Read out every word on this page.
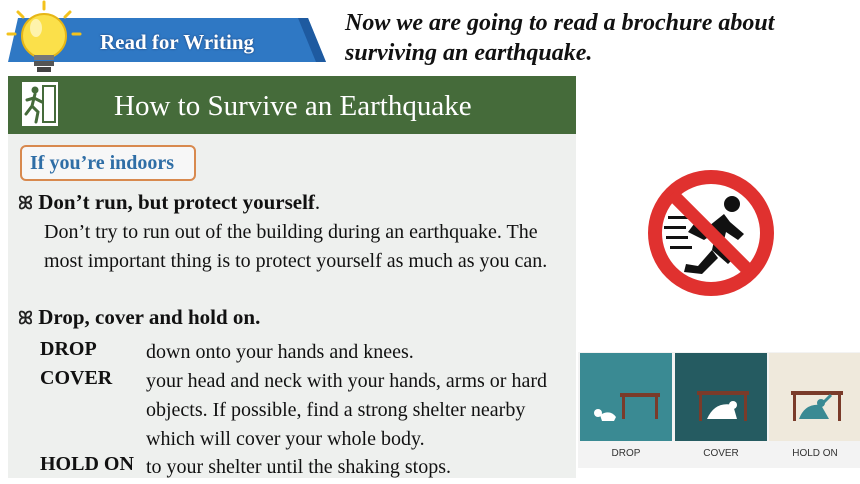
Read for Writing
Now we are going to read a brochure about surviving an earthquake.
How to Survive an Earthquake
If you’re indoors
ꕤ Don’t run, but protect yourself.
Don’t try to run out of the building during an earthquake. The most important thing is to protect yourself as much as you can.
ꕤ Drop, cover and hold on.
DROP down onto your hands and knees.
COVER your head and neck with your hands, arms or hard objects. If possible, find a strong shelter nearby which will cover your whole body.
HOLD ON to your shelter until the shaking stops.
DROP	COVER	HOLD ON
